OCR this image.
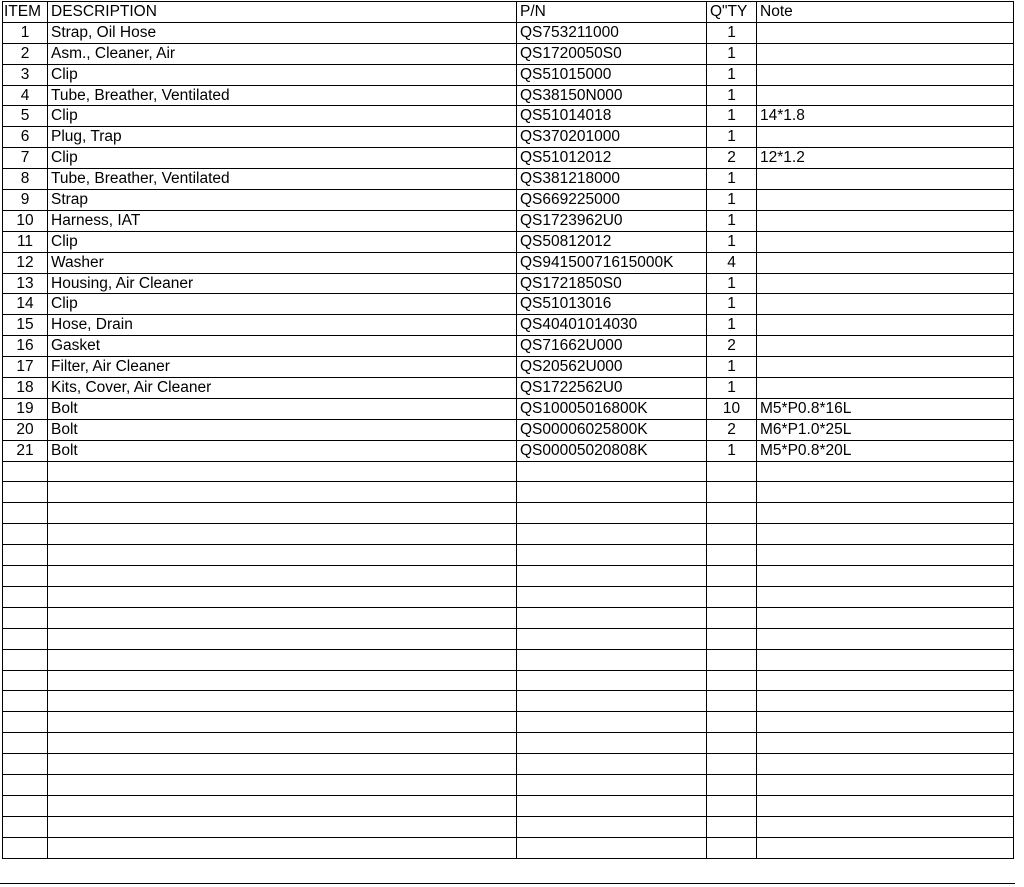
ITEM	DESCRIPTION	P/N	Q"TY	Note
1	Strap, Oil Hose	QS753211000	1	
2	Asm., Cleaner, Air	QS1720050S0	1	
3	Clip	QS51015000	1	
4	Tube, Breather, Ventilated	QS38150N000	1	
5	Clip	QS51014018	1	14*1.8
6	Plug, Trap	QS370201000	1	
7	Clip	QS51012012	2	12*1.2
8	Tube, Breather, Ventilated	QS381218000	1	
9	Strap	QS669225000	1	
10	Harness, IAT	QS1723962U0	1	
11	Clip	QS50812012	1	
12	Washer	QS94150071615000K	4	
13	Housing, Air Cleaner	QS1721850S0	1	
14	Clip	QS51013016	1	
15	Hose, Drain	QS40401014030	1	
16	Gasket	QS71662U000	2	
17	Filter, Air Cleaner	QS20562U000	1	
18	Kits, Cover, Air Cleaner	QS1722562U0	1	
19	Bolt	QS10005016800K	10	M5*P0.8*16L
20	Bolt	QS00006025800K	2	M6*P1.0*25L
21	Bolt	QS00005020808K	1	M5*P0.8*20L
